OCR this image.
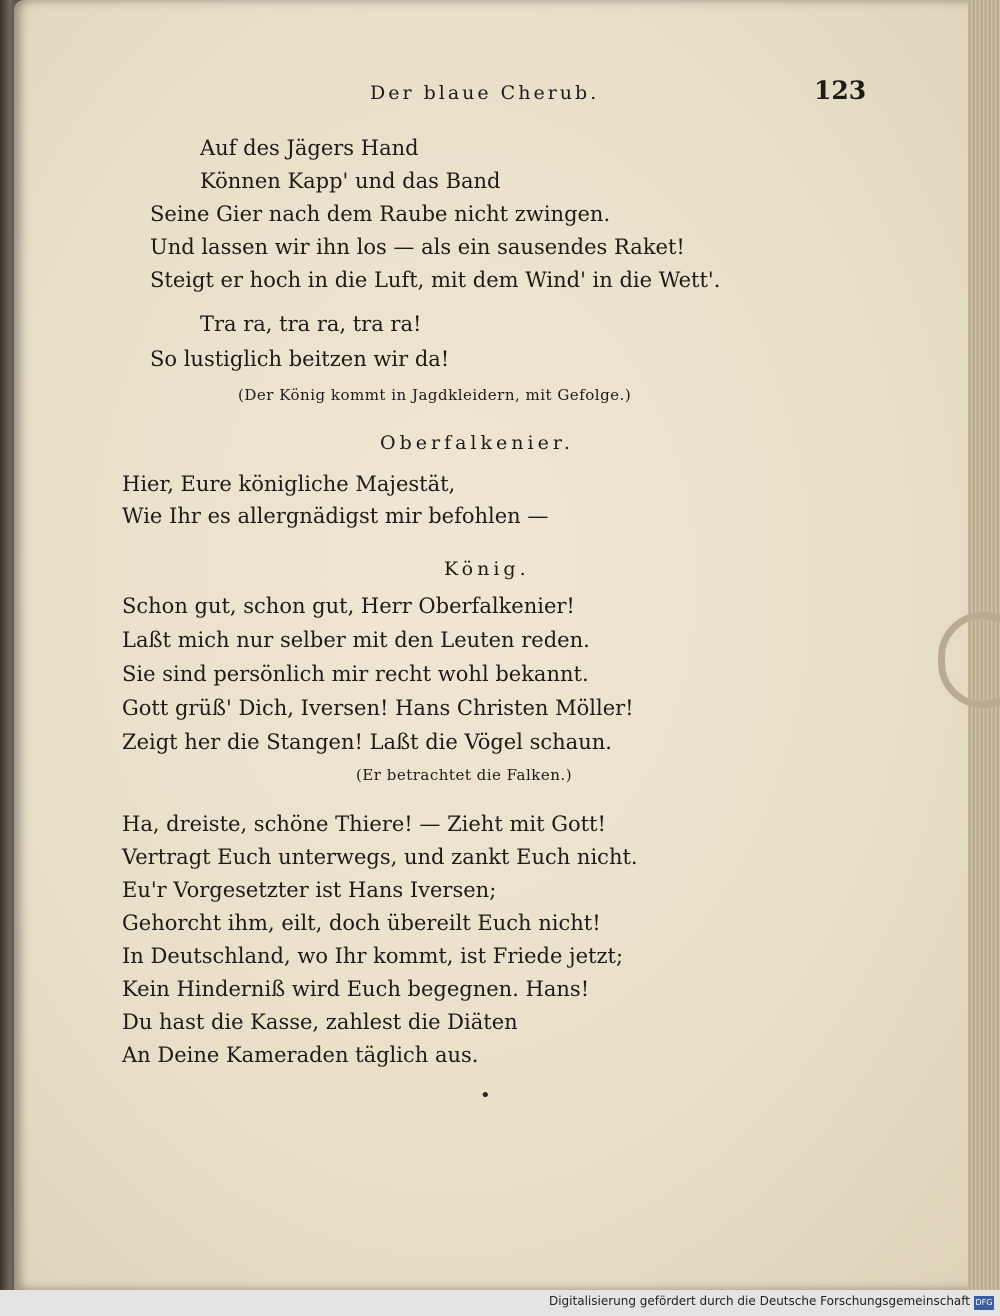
Der blaue Cherub.	123
Auf des Jägers Hand
Können Kapp' und das Band
Seine Gier nach dem Raube nicht zwingen.
Und lassen wir ihn los — als ein sausendes Raket!
Steigt er hoch in die Luft, mit dem Wind' in die Wett'.
Tra ra, tra ra, tra ra!
So lustiglich beitzen wir da!
(Der König kommt in Jagdkleidern, mit Gefolge.)
Oberfalkenier.
Hier, Eure königliche Majestät,
Wie Ihr es allergnädigst mir befohlen —
König.
Schon gut, schon gut, Herr Oberfalkenier!
Laßt mich nur selber mit den Leuten reden.
Sie sind persönlich mir recht wohl bekannt.
Gott grüß' Dich, Iversen! Hans Christen Möller!
Zeigt her die Stangen! Laßt die Vögel schaun.
(Er betrachtet die Falken.)
Ha, dreiste, schöne Thiere! — Zieht mit Gott!
Vertragt Euch unterwegs, und zankt Euch nicht.
Eu'r Vorgesetzter ist Hans Iversen;
Gehorcht ihm, eilt, doch übereilt Euch nicht!
In Deutschland, wo Ihr kommt, ist Friede jetzt;
Kein Hinderniß wird Euch begegnen. Hans!
Du hast die Kasse, zahlest die Diäten
An Deine Kameraden täglich aus.
•
Digitalisierung gefördert durch die Deutsche Forschungsgemeinschaft DFG
